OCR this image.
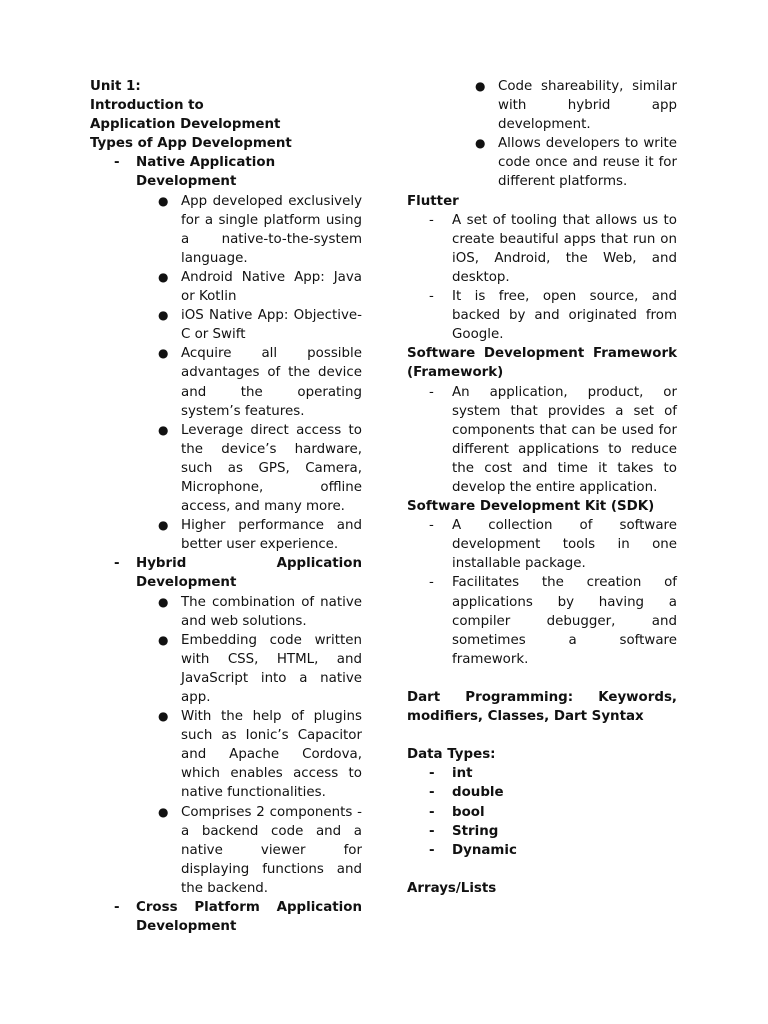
Unit 1:
Introduction to Application Development
Types of App Development
- Native Application Development
● App developed exclusively for a single platform using a native-to-the-system language.
● Android Native App: Java or Kotlin
● iOS Native App: Objective-C or Swift
● Acquire all possible advantages of the device and the operating system’s features.
● Leverage direct access to the device’s hardware, such as GPS, Camera, Microphone, offline access, and many more.
● Higher performance and better user experience.
- Hybrid Application Development
● The combination of native and web solutions.
● Embedding code written with CSS, HTML, and JavaScript into a native app.
● With the help of plugins such as Ionic’s Capacitor and Apache Cordova, which enables access to native functionalities.
● Comprises 2 components - a backend code and a native viewer for displaying functions and the backend.
- Cross Platform Application Development
● Code shareability, similar with hybrid app development.
● Allows developers to write code once and reuse it for different platforms.
Flutter
- A set of tooling that allows us to create beautiful apps that run on iOS, Android, the Web, and desktop.
- It is free, open source, and backed by and originated from Google.
Software Development Framework (Framework)
- An application, product, or system that provides a set of components that can be used for different applications to reduce the cost and time it takes to develop the entire application.
Software Development Kit (SDK)
- A collection of software development tools in one installable package.
- Facilitates the creation of applications by having a compiler debugger, and sometimes a software framework.
Dart Programming: Keywords, modifiers, Classes, Dart Syntax
Data Types:
- int
- double
- bool
- String
- Dynamic
Arrays/Lists
